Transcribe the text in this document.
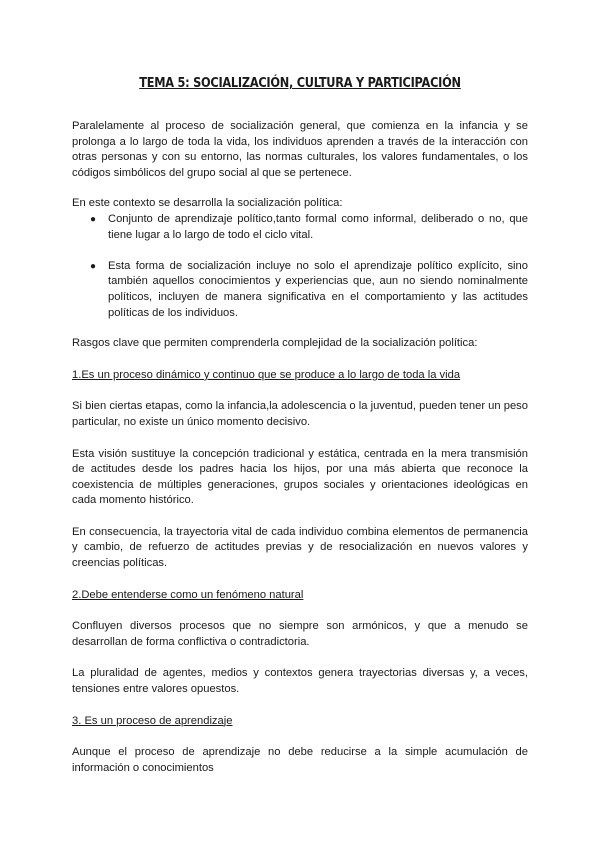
TEMA 5: SOCIALIZACIÓN, CULTURA Y PARTICIPACIÓN

Paralelamente al proceso de socialización general, que comienza en la infancia y se prolonga a lo largo de toda la vida, los individuos aprenden a través de la interacción con otras personas y con su entorno, las normas culturales, los valores fundamentales, o los códigos simbólicos del grupo social al que se pertenece.

En este contexto se desarrolla la socialización política:

● Conjunto de aprendizaje político,tanto formal como informal, deliberado o no, que tiene lugar a lo largo de todo el ciclo vital.
● Esta forma de socialización incluye no solo el aprendizaje político explícito, sino también aquellos conocimientos y experiencias que, aun no siendo nominalmente políticos, incluyen de manera significativa en el comportamiento y las actitudes políticas de los individuos.

Rasgos clave que permiten comprenderla complejidad de la socialización política:

1.Es un proceso dinámico y continuo que se produce a lo largo de toda la vida

Si bien ciertas etapas, como la infancia,la adolescencia o la juventud, pueden tener un peso particular, no existe un único momento decisivo.

Esta visión sustituye la concepción tradicional y estática, centrada en la mera transmisión de actitudes desde los padres hacia los hijos, por una más abierta que reconoce la coexistencia de múltiples generaciones, grupos sociales y orientaciones ideológicas en cada momento histórico.

En consecuencia, la trayectoria vital de cada individuo combina elementos de permanencia y cambio, de refuerzo de actitudes previas y de resocialización en nuevos valores y creencias políticas.

2.Debe entenderse como un fenómeno natural

Confluyen diversos procesos que no siempre son armónicos, y que a menudo se desarrollan de forma conflictiva o contradictoria.

La pluralidad de agentes, medios y contextos genera trayectorias diversas y, a veces, tensiones entre valores opuestos.

3. Es un proceso de aprendizaje

Aunque el proceso de aprendizaje no debe reducirse a la simple acumulación de información o conocimientos
